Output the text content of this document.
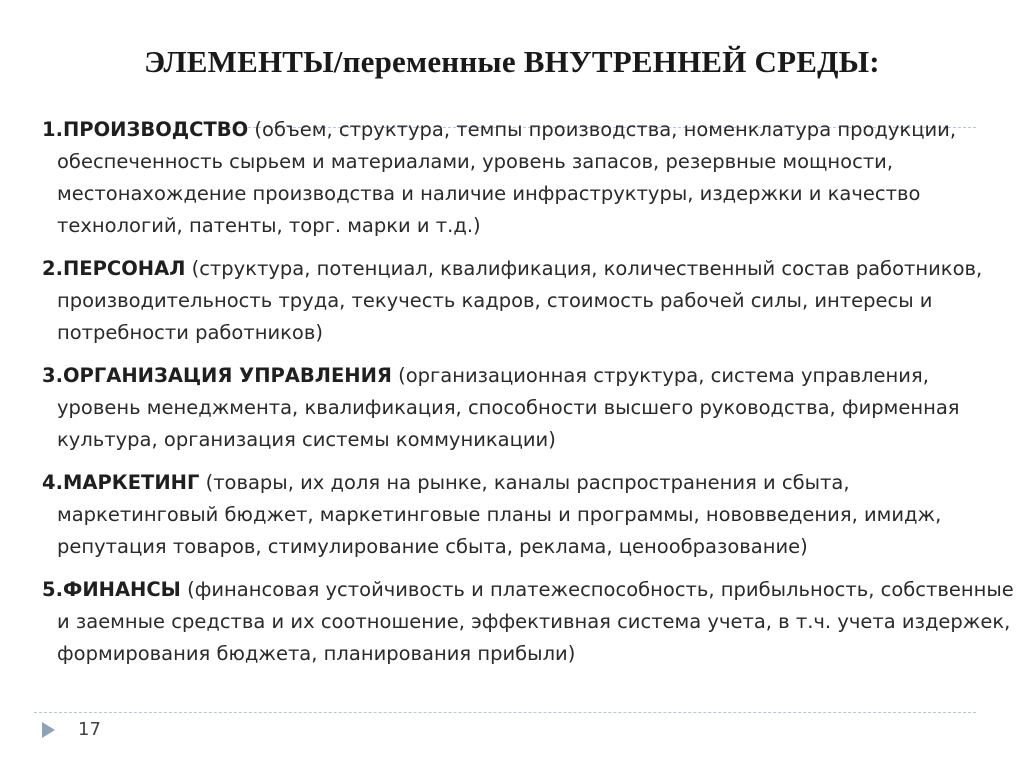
ЭЛЕМЕНТЫ/переменные ВНУТРЕННЕЙ СРЕДЫ:
1.ПРОИЗВОДСТВО (объем, структура, темпы производства, номенклатура продукции, обеспеченность сырьем и материалами, уровень запасов, резервные мощности, местонахождение производства и наличие инфраструктуры, издержки и качество технологий, патенты, торг. марки и т.д.)
2.ПЕРСОНАЛ (структура, потенциал, квалификация, количественный состав работников, производительность труда, текучесть кадров, стоимость рабочей силы, интересы и потребности работников)
3.ОРГАНИЗАЦИЯ УПРАВЛЕНИЯ (организационная структура, система управления, уровень менеджмента, квалификация, способности высшего руководства, фирменная культура, организация системы коммуникации)
4.МАРКЕТИНГ (товары, их доля на рынке, каналы распространения и сбыта, маркетинговый бюджет, маркетинговые планы и программы, нововведения, имидж, репутация товаров, стимулирование сбыта, реклама, ценообразование)
5.ФИНАНСЫ (финансовая устойчивость и платежеспособность, прибыльность, собственные и заемные средства и их соотношение, эффективная система учета, в т.ч. учета издержек, формирования бюджета, планирования прибыли)
17
